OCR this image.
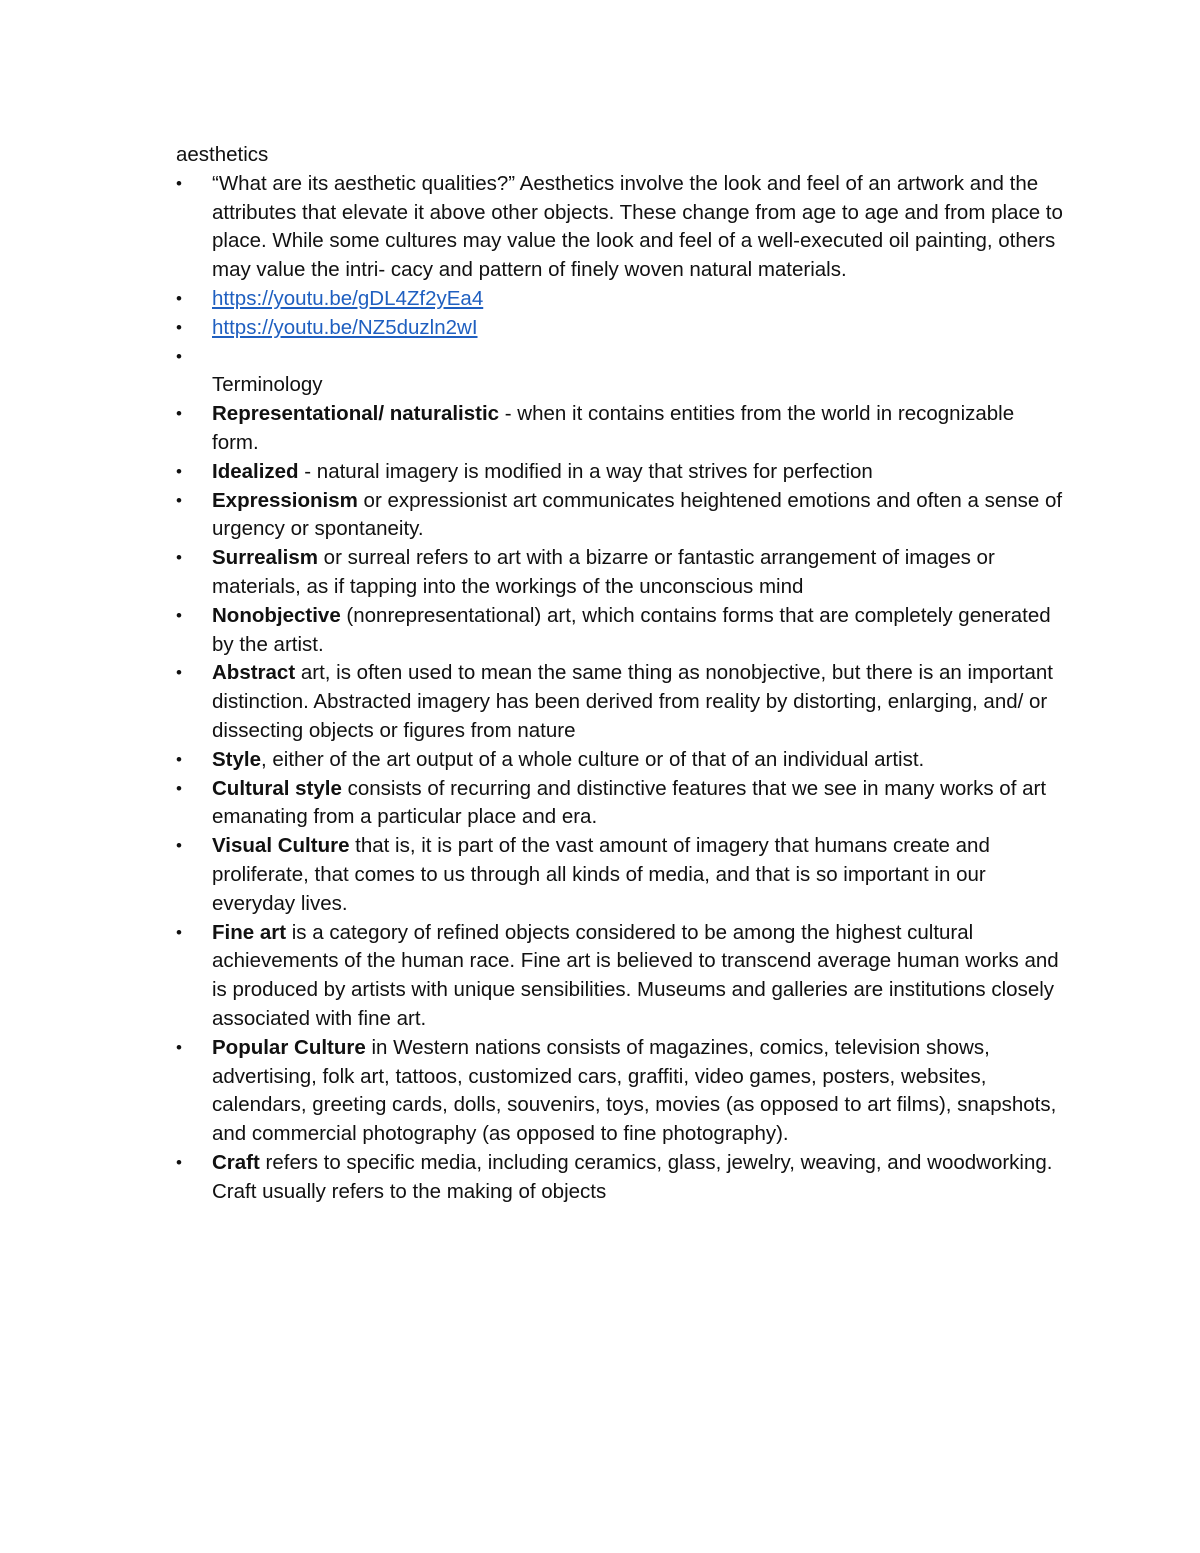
aesthetics

• “What are its aesthetic qualities?” Aesthetics involve the look and feel of an artwork and the attributes that elevate it above other objects. These change from age to age and from place to place. While some cultures may value the look and feel of a well-executed oil painting, others may value the intri- cacy and pattern of finely woven natural materials.
• https://youtu.be/gDL4Zf2yEa4
• https://youtu.be/NZ5duzln2wI
•

Terminology

• Representational/ naturalistic - when it contains entities from the world in recognizable form.
• Idealized - natural imagery is modified in a way that strives for perfection
• Expressionism or expressionist art communicates heightened emotions and often a sense of urgency or spontaneity.
• Surrealism or surreal refers to art with a bizarre or fantastic arrangement of images or materials, as if tapping into the workings of the unconscious mind
• Nonobjective (nonrepresentational) art, which contains forms that are completely generated by the artist.
• Abstract art, is often used to mean the same thing as nonobjective, but there is an important distinction. Abstracted imagery has been derived from reality by distorting, enlarging, and/ or dissecting objects or figures from nature
• Style, either of the art output of a whole culture or of that of an individual artist.
• Cultural style consists of recurring and distinctive features that we see in many works of art emanating from a particular place and era.
• Visual Culture that is, it is part of the vast amount of imagery that humans create and proliferate, that comes to us through all kinds of media, and that is so important in our everyday lives.
• Fine art is a category of refined objects considered to be among the highest cultural achievements of the human race. Fine art is believed to transcend average human works and is produced by artists with unique sensibilities. Museums and galleries are institutions closely associated with fine art.
• Popular Culture in Western nations consists of magazines, comics, television shows, advertising, folk art, tattoos, customized cars, graffiti, video games, posters, websites, calendars, greeting cards, dolls, souvenirs, toys, movies (as opposed to art films), snapshots, and commercial photography (as opposed to fine photography).
• Craft refers to specific media, including ceramics, glass, jewelry, weaving, and woodworking. Craft usually refers to the making of objects
